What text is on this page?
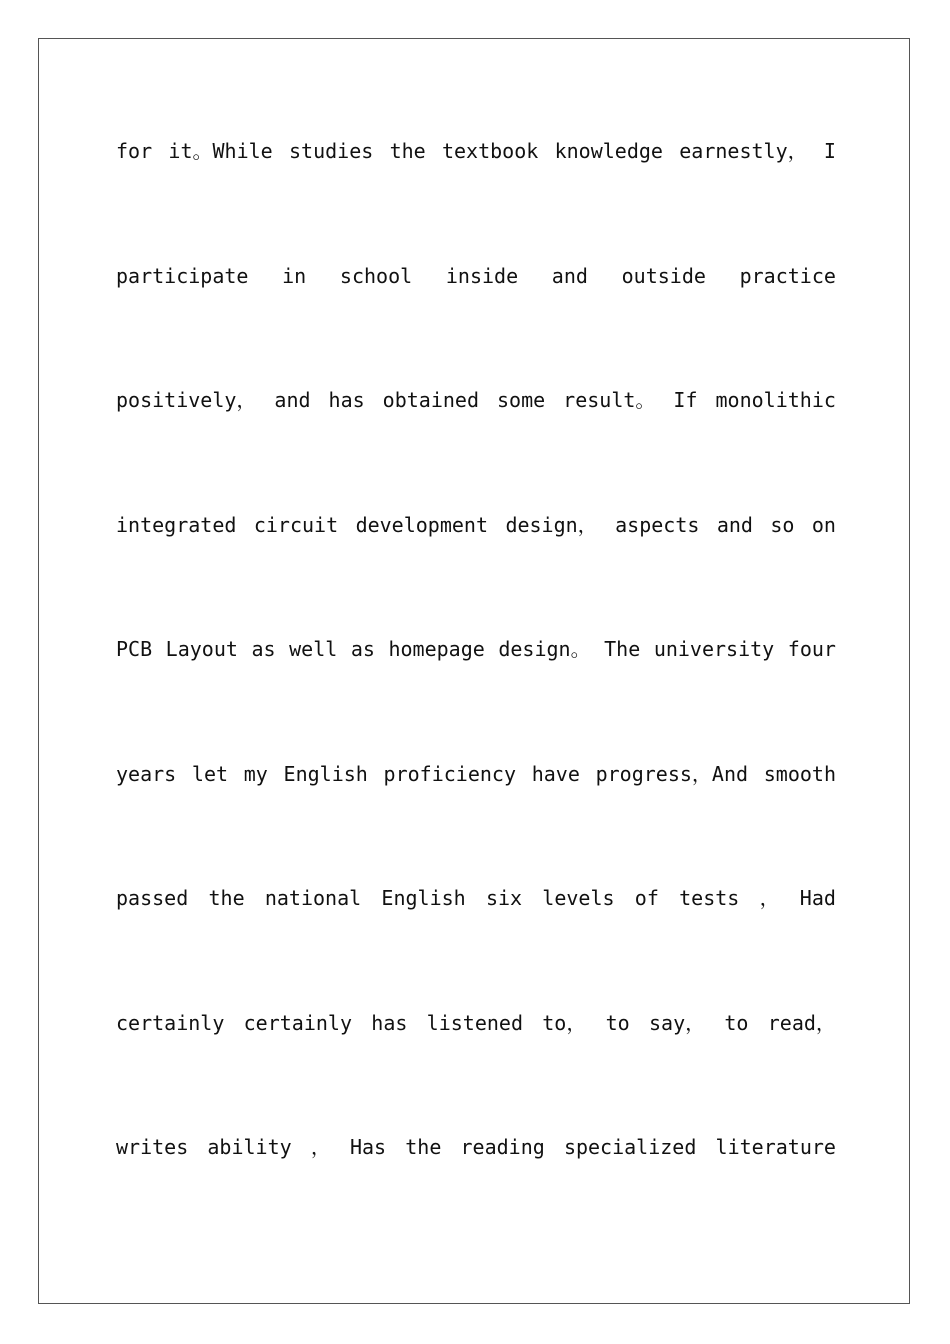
for it。While studies the textbook knowledge earnestly， I
participate in school inside and outside practice
positively， and has obtained some result。 If monolithic
integrated circuit development design， aspects and so on
PCB Layout as well as homepage design。 The university four
years let my English proficiency have progress，And smooth
passed the national English six levels of tests ， Had
certainly certainly has listened to， to say， to read，
writes ability ， Has the reading specialized literature
